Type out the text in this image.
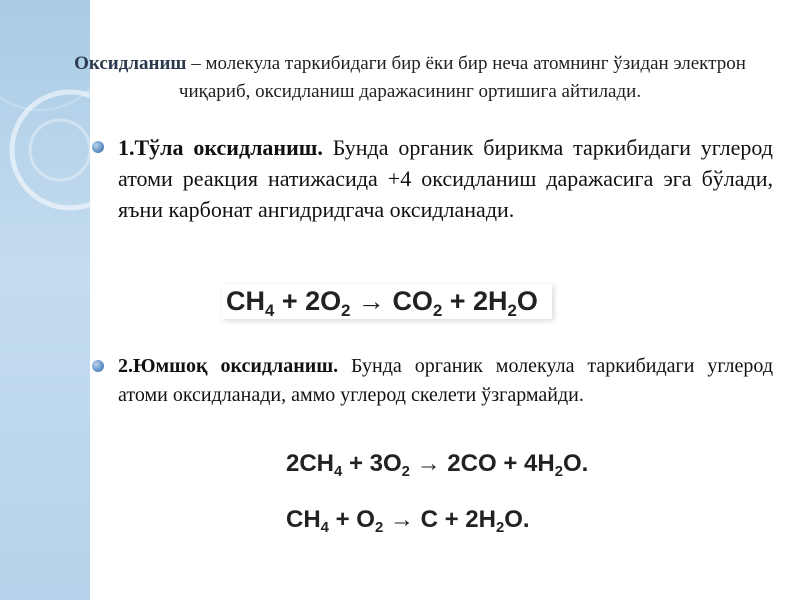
Оксидланиш – молекула таркибидаги бир ёки бир неча атомнинг ўзидан электрон чиқариб, оксидланиш даражасининг ортишига айтилади.
1.Тўла оксидланиш. Бунда органик бирикма таркибидаги углерод атоми реакция натижасида +4 оксидланиш даражасига эга бўлади, яъни карбонат ангидридгача оксидланади.
$CH_4 + 2O_2 \to CO_2 + 2H_2O$
2.Юмшоқ оксидланиш. Бунда органик молекула таркибидаги углерод атоми оксидланади, аммо углерод скелети ўзгармайди.
$2CH_4 + 3O_2 \to 2CO + 4H_2O$.
$CH_4 + O_2 \to C + 2H_2O$.
